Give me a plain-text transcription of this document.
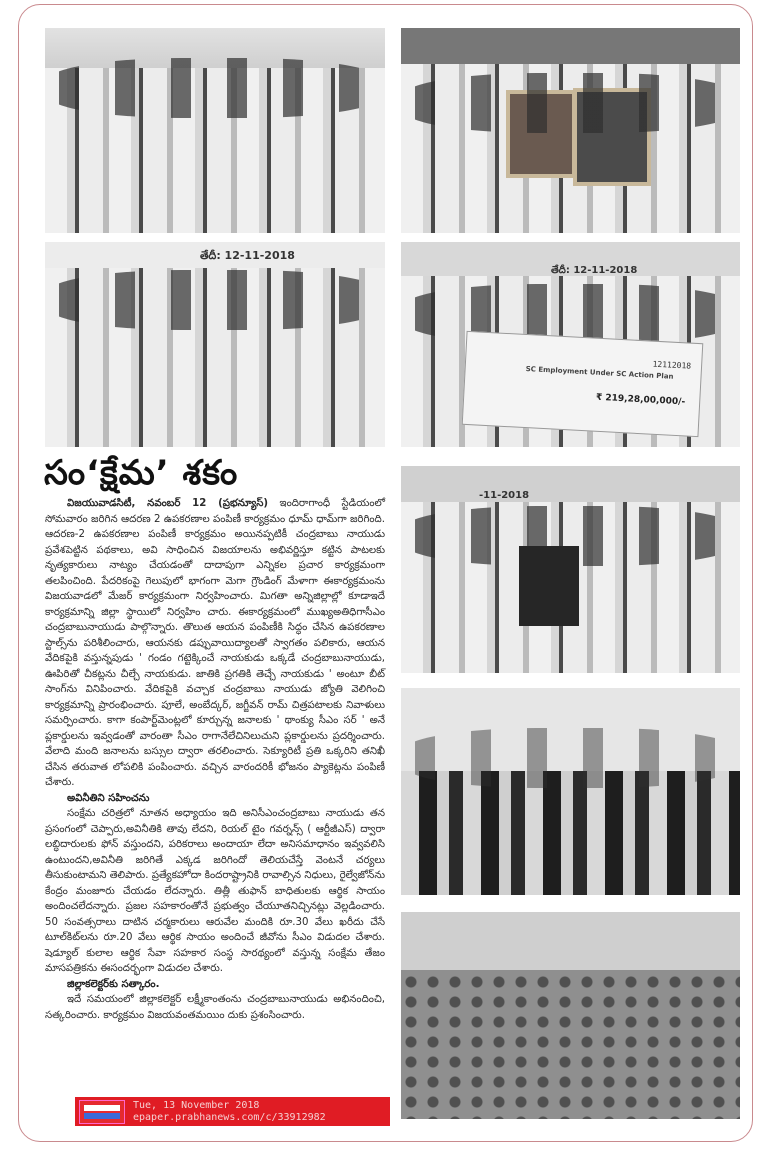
తేదీ: 12-11-2018
తేదీ: 12-11-2018
SC Employment Under SC Action Plan
12112018
₹ 219,28,00,000/-
-11-2018
సం‘క్షేమ’ శకం

విజయువాడసిటీ, నవంబర్ 12 (ప్రభన్యూస్) ఇందిరాగాంధీ స్టేడియంలో సోమవారం జరిగిన ఆదరణ 2 ఉపకరణాల పంపిణీ కార్యక్రమం ధూమ్ ధామ్‌గా జరిగింది. ఆదరణ-2 ఉపకరణాల పంపిణీ కార్యక్రమం అయినప్పటికీ చంద్రబాబు నాయుడు ప్రవేశపెట్టిన పథకాలు, అవి సాధించిన విజయాలను అభివర్ణిస్తూ కట్టిన పాటలకు నృత్యకారులు నాట్యం చేయడంతో దాదాపుగా ఎన్నికల ప్రచార కార్యక్రమంగా తలపించింది. పేదరికంపై గెలుపులో భాగంగా మెగా గ్రౌండింగ్ మేళాగా ఈకార్యక్రమంను విజయవాడలో మేజర్ కార్యక్రమంగా నిర్వహించారు. మిగతా అన్నిజిల్లాల్లో కూడాఇదే కార్యక్రమాన్ని జిల్లా స్థాయిలో నిర్వహిం చారు. ఈకార్యక్రమంలో ముఖ్యఅతిధిగాసీఎం చంద్రబాబునాయుడు పాల్గొన్నారు. తొలుత ఆయన పంపిణీకి సిద్ధం చేసిన ఉపకరణాల స్టాల్స్‌ను పరిశీలించారు, ఆయనకు డప్పువాయిద్యాలతో స్వాగతం పలికారు, ఆయన వేదికపైకి వస్తున్నపుడు ' గండం గట్టెక్కించే నాయకుడు ఒక్కడే చంద్రబాబునాయుడు, ఊపిరితో చీకట్లను చీల్చే నాయకుడు. జాతికి ప్రగతికి తెచ్చే నాయకుడు ' అంటూ బీట్ సాంగ్‌ను వినిపించారు. వేదికపైకి వచ్చాక చంద్రబాబు నాయుడు జ్యోతి వెలిగించి కార్యక్రమాన్ని ప్రారంభించారు. పూలే, అంబేద్కర్, జగ్జీవన్ రామ్ చిత్రపటాలకు నివాళులు సమర్పించారు. కాగా కంపార్ట్‌మెంట్లలో కూర్చున్న జనాలకు ' థాంక్యు సీఎం సర్ ' అనే ప్లకార్డులను ఇవ్వడంతో వారంతా సీఎం రాగానేలేచినిలుచుని ప్లకార్డులను ప్రదర్శించారు. వేలాది మంది జనాలను బస్సుల ద్వారా తరలించారు. సెక్యూరిటీ ప్రతి ఒక్కరిని తనిఖీ చేసిన తరువాత లోపలికి పంపించారు. వచ్చిన వారందరికీ భోజనం ప్యాకెట్లను పంపిణీ చేశారు.

అవినీతిని సహించను

సంక్షేమ చరిత్రలో నూతన అధ్యాయం ఇది అనిసీఎంచంద్రబాబు నాయుడు తన ప్రసంగంలో చెప్పారు,అవినీతికి తావు లేదని, రియల్ టైం గవర్నన్స్ ( ఆర్టీజీఎస్) ద్వారా లబ్ధిదారులకు ఫోన్ వస్తుందని, పరికరాలు అందాయా లేదా అనిసమాధానం ఇవ్వవలిసి ఉంటుందని,అవినీతి జరిగితే ఎక్కడ జరిగిందో తెలియచేస్తే వెంటనే చర్యలు తీసుకుంటామని తెలిపారు. ప్రత్యేకహోదా కిందరాష్ట్రానికి రావాల్సిన నిధులు, రైల్వేజోన్‌ను కేంద్రం మంజూరు చేయడం లేదన్నారు. తిత్లీ తుఫాన్ బాధితులకు ఆర్థిక సాయం అందించలేదన్నారు. ప్రజల సహకారంతోనే ప్రభుత్వం చేయూతనిచ్చినట్లు వెల్లడించారు. 50 సంవత్సరాలు దాటిన చర్మకారులు ఆరువేల మందికి రూ.30 వేలు ఖరీదు చేసే టూల్‌కిట్‌లను రూ.20 వేలు ఆర్థిక సాయం అందించే జీవోను సీఎం విడుదల చేశారు. షెడ్యూల్ కులాల ఆర్థిక సేవా సహకార సంస్థ సారథ్యంలో వస్తున్న సంక్షేమ తేజం మాసపత్రికను ఈసందర్భంగా విడుదల చేశారు.

జిల్లాకలెక్టర్‌కు సత్కారం.

ఇదే సమయంలో జిల్లాకలెక్టర్ లక్ష్మీకాంతంను చంద్రబాబునాయుడు అభినందించి, సత్కరించారు. కార్యక్రమం విజయవంతమయిం దుకు ప్రశంసించారు.

Tue, 13 November 2018
epaper.prabhanews.com/c/33912982
